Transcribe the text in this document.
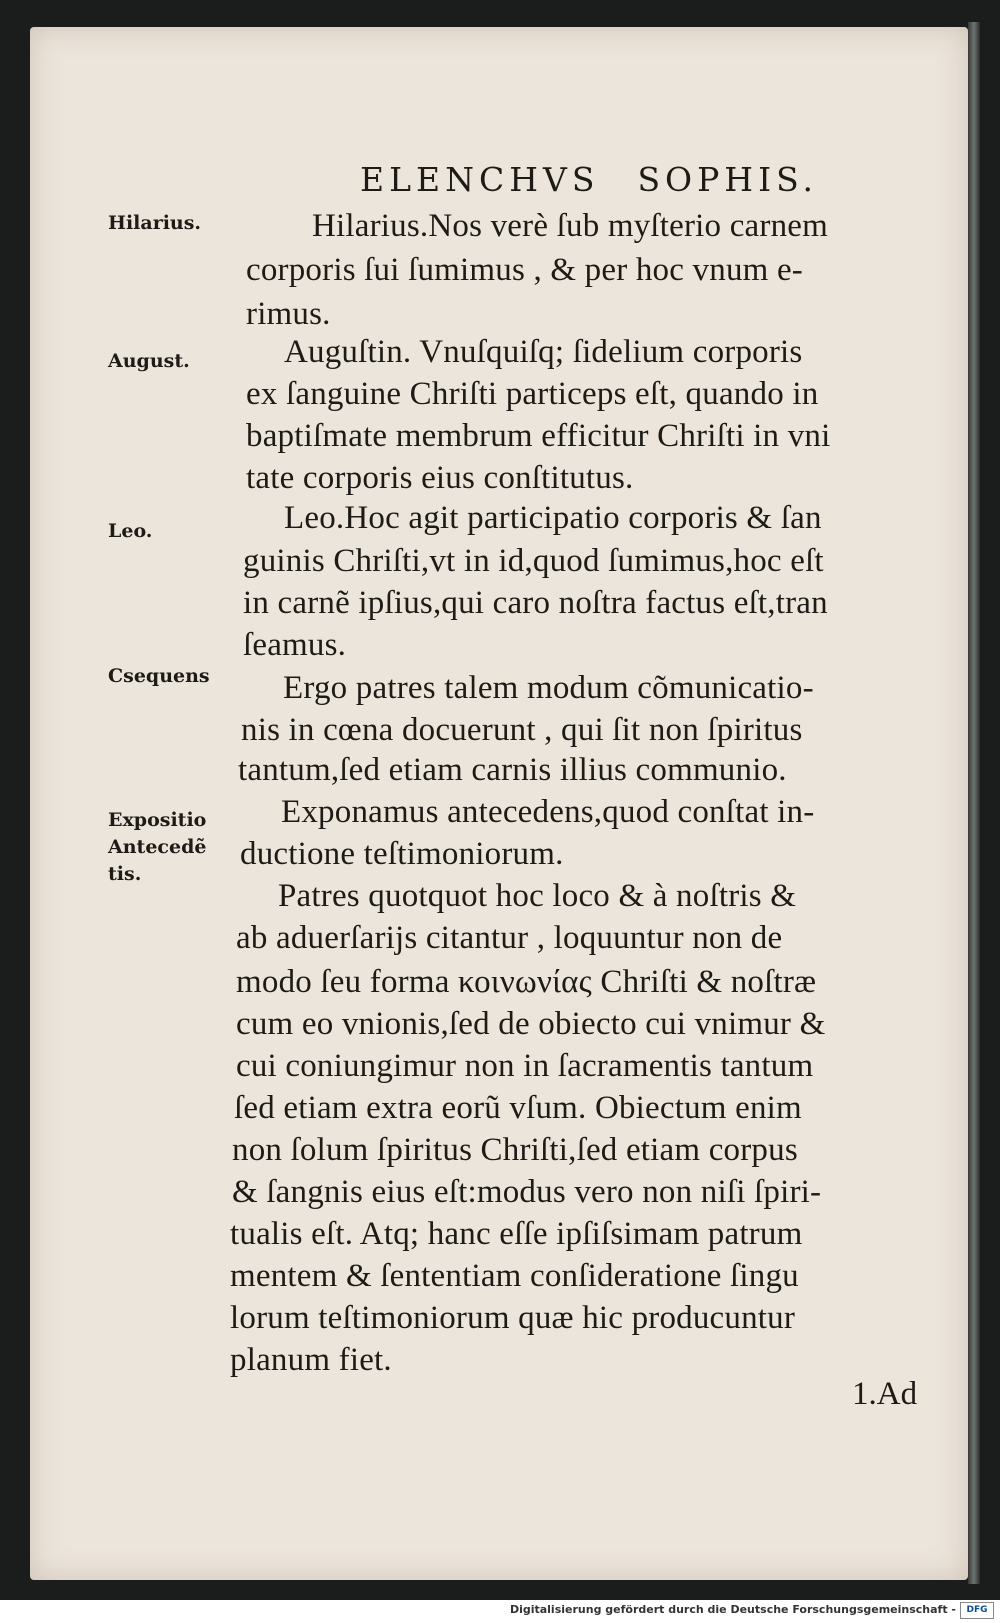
ELENCHVS SOPHIS.
Hilarius.
August.
Leo.
Csequens
Expositio
Antecedẽ
tis.
Hilarius.Nos verè ſub myſterio carnem
corporis ſui ſumimus , & per hoc vnum e-
rimus.
Auguſtin. Vnuſquiſq; ſidelium corporis
ex ſanguine Chriſti particeps eſt, quando in
baptiſmate membrum efficitur Chriſti in vni
tate corporis eius conſtitutus.
Leo.Hoc agit participatio corporis & ſan
guinis Chriſti,vt in id,quod ſumimus,hoc eſt
in carnẽ ipſius,qui caro noſtra factus eſt,tran
ſeamus.
Ergo patres talem modum cõmunicatio-
nis in cœna docuerunt , qui ſit non ſpiritus
tantum,ſed etiam carnis illius communio.
Exponamus antecedens,quod conſtat in-
ductione teſtimoniorum.
Patres quotquot hoc loco & à noſtris &
ab aduerſarijs citantur , loquuntur non de
modo ſeu forma κοινωνίας Chriſti & noſtræ
cum eo vnionis,ſed de obiecto cui vnimur &
cui coniungimur non in ſacramentis tantum
ſed etiam extra eorũ vſum. Obiectum enim
non ſolum ſpiritus Chriſti,ſed etiam corpus
& ſangnis eius eſt:modus vero non niſi ſpiri-
tualis eſt. Atq; hanc eſſe ipſiſsimam patrum
mentem & ſententiam conſideratione ſingu
lorum teſtimoniorum quæ hic producuntur
planum fiet.
1.Ad
Digitalisierung gefördert durch die Deutsche Forschungsgemeinschaft -	DFG
